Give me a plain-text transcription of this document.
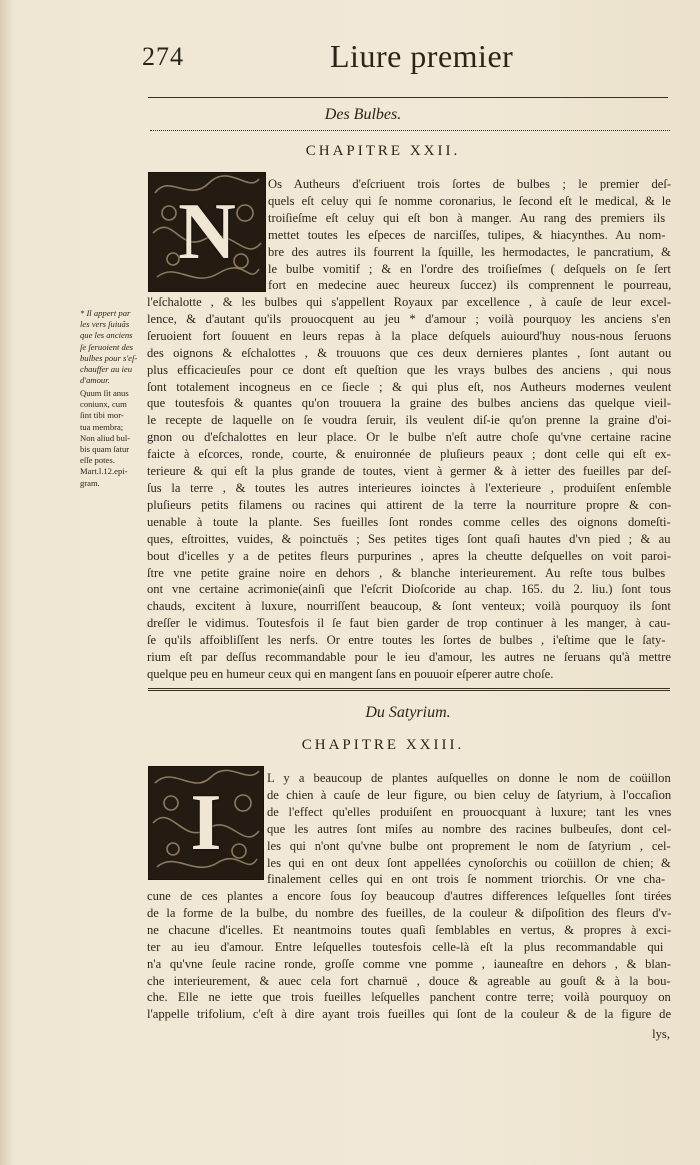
274	Liure premier
Des Bulbes.
CHAPITRE XXII.
N
Os Autheurs d'eſcriuent trois ſortes de bulbes ; le premier deſ-
quels eſt celuy qui ſe nomme coronarius, le ſecond eſt le medical, & le
troiſieſme eſt celuy qui eſt bon à manger. Au rang des premiers ils
mettet toutes les eſpeces de narciſſes, tulipes, & hiacynthes. Au nom-
bre des autres ils fourrent la ſquille, les hermodactes, le pancratium, &
le bulbe vomitif ; & en l'ordre des troiſieſmes ( deſquels on ſe ſert
fort en medecine auec heureux ſuccez) ils comprennent le pourreau,
l'eſchalotte , & les bulbes qui s'appellent Royaux par excellence , à cauſe de leur excel-
lence, & d'autant qu'ils prouocquent au jeu * d'amour ; voilà pourquoy les anciens s'en
ſeruoient fort ſouuent en leurs repas à la place deſquels auiourd'huy nous-nous ſeruons
des oignons & eſchalottes , & trouuons que ces deux dernieres plantes , ſont autant ou
plus efficacieuſes pour ce dont eſt queſtion que les vrays bulbes des anciens , qui nous
ſont totalement incogneus en ce ſiecle ; & qui plus eſt, nos Autheurs modernes veulent
que toutesfois & quantes qu'on trouuera la graine des bulbes anciens das quelque vieil-
le recepte de laquelle on ſe voudra ſeruir, ils veulent diſ-ie qu'on prenne la graine d'oi-
gnon ou d'eſchalottes en leur place. Or le bulbe n'eſt autre choſe qu'vne certaine racine
faicte à eſcorces, ronde, courte, & enuironnée de pluſieurs peaux ; dont celle qui eſt ex-
terieure & qui eſt la plus grande de toutes, vient à germer & à ietter des fueilles par deſ-
ſus la terre , & toutes les autres interieures ioinctes à l'exterieure , produiſent enſemble
pluſieurs petits filamens ou racines qui attirent de la terre la nourriture propre & con-
uenable à toute la plante. Ses fueilles ſont rondes comme celles des oignons domeſti-
ques, eſtroittes, vuides, & poinctuës ; Ses petites tiges ſont quaſi hautes d'vn pied ; & au
bout d'icelles y a de petites fleurs purpurines , apres la cheutte deſquelles on voit paroi-
ſtre vne petite graine noire en dehors , & blanche interieurement. Au reſte tous bulbes
ont vne certaine acrimonie(ainſi que l'eſcrit Dioſcoride au chap. 165. du 2. liu.) ſont tous
chauds, excitent à luxure, nourriſſent beaucoup, & ſont venteux; voilà pourquoy ils ſont
dreſſer le vidimus. Toutesfois il ſe faut bien garder de trop continuer à les manger, à cau-
ſe qu'ils affoibliſſent les nerfs. Or entre toutes les ſortes de bulbes , i'eſtime que le ſaty-
rium eſt par deſſus recommandable pour le ieu d'amour, les autres ne ſeruans qu'à mettre
quelque peu en humeur ceux qui en mangent ſans en pouuoir eſperer autre choſe.
* Il appert par
les vers ſuiuãs
que les anciens
ſe ſeruoient des
bulbes pour s'eſ-
chauffer au ieu
d'amour.
Quum ſit anus
coniunx, cum
ſint tibi mor-
tua membra;
Non aliud bul-
bis quam ſatur
eſſe potes.
Mart.l.12.epi-
gram.
Du Satyrium.
CHAPITRE XXIII.
I
L y a beaucoup de plantes auſquelles on donne le nom de coüillon
de chien à cauſe de leur figure, ou bien celuy de ſatyrium, à l'occaſion
de l'effect qu'elles produiſent en prouocquant à luxure; tant les vnes
que les autres ſont miſes au nombre des racines bulbeuſes, dont cel-
les qui n'ont qu'vne bulbe ont proprement le nom de ſatyrium , cel-
les qui en ont deux ſont appellées cynoſorchis ou coüillon de chien; &
finalement celles qui en ont trois ſe nomment triorchis. Or vne cha-
cune de ces plantes a encore ſous ſoy beaucoup d'autres differences leſquelles ſont tirées
de la forme de la bulbe, du nombre des fueilles, de la couleur & diſpoſition des fleurs d'v-
ne chacune d'icelles. Et neantmoins toutes quaſi ſemblables en vertus, & propres à exci-
ter au ieu d'amour. Entre leſquelles toutesfois celle-là eſt la plus recommandable qui
n'a qu'vne ſeule racine ronde, groſſe comme vne pomme , iauneaſtre en dehors , & blan-
che interieurement, & auec cela fort charnuë , douce & agreable au gouſt & à la bou-
che. Elle ne iette que trois fueilles leſquelles panchent contre terre; voilà pourquoy on
l'appelle trifolium, c'eſt à dire ayant trois fueilles qui ſont de la couleur & de la figure de
lys,
